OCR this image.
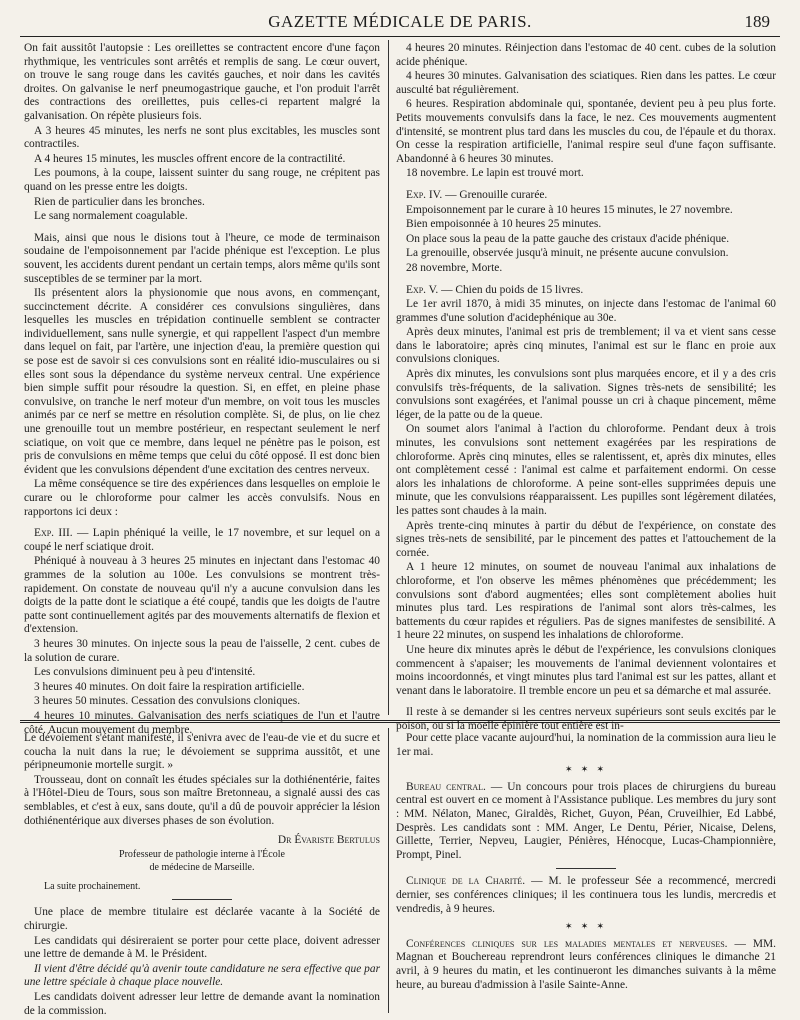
GAZETTE MÉDICALE DE PARIS.	189

On fait aussitôt l'autopsie : Les oreillettes se contractent encore d'une façon rhythmique, les ventricules sont arrêtés et remplis de sang. Le cœur ouvert, on trouve le sang rouge dans les cavités gauches, et noir dans les cavités droites. On galvanise le nerf pneumogastrique gauche, et l'on produit l'arrêt des contractions des oreillettes, puis celles-ci repartent malgré la galvanisation. On répète plusieurs fois.

A 3 heures 45 minutes, les nerfs ne sont plus excitables, les muscles sont contractiles.

A 4 heures 15 minutes, les muscles offrent encore de la contractilité.

Les poumons, à la coupe, laissent suinter du sang rouge, ne crépitent pas quand on les presse entre les doigts.

Rien de particulier dans les bronches.

Le sang normalement coagulable.

Mais, ainsi que nous le disions tout à l'heure, ce mode de terminaison soudaine de l'empoisonnement par l'acide phénique est l'exception. Le plus souvent, les accidents durent pendant un certain temps, alors même qu'ils sont susceptibles de se terminer par la mort.

Ils présentent alors la physionomie que nous avons, en commençant, succinctement décrite. A considérer ces convulsions singulières, dans lesquelles les muscles en trépidation continuelle semblent se contracter individuellement, sans nulle synergie, et qui rappellent l'aspect d'un membre dans lequel on fait, par l'artère, une injection d'eau, la première question qui se pose est de savoir si ces convulsions sont en réalité idio-musculaires ou si elles sont sous la dépendance du système nerveux central. Une expérience bien simple suffit pour résoudre la question. Si, en effet, en pleine phase convulsive, on tranche le nerf moteur d'un membre, on voit tous les muscles animés par ce nerf se mettre en résolution complète. Si, de plus, on lie chez une grenouille tout un membre postérieur, en respectant seulement le nerf sciatique, on voit que ce membre, dans lequel ne pénètre pas le poison, est pris de convulsions en même temps que celui du côté opposé. Il est donc bien évident que les convulsions dépendent d'une excitation des centres nerveux.

La même conséquence se tire des expériences dans lesquelles on emploie le curare ou le chloroforme pour calmer les accès convulsifs. Nous en rapportons ici deux :

Exp. III. — Lapin phéniqué la veille, le 17 novembre, et sur lequel on a coupé le nerf sciatique droit.

Phéniqué à nouveau à 3 heures 25 minutes en injectant dans l'estomac 40 grammes de la solution au 100e. Les convulsions se montrent très-rapidement. On constate de nouveau qu'il n'y a aucune convulsion dans les doigts de la patte dont le sciatique a été coupé, tandis que les doigts de l'autre patte sont continuellement agités par des mouvements alternatifs de flexion et d'extension.

3 heures 30 minutes. On injecte sous la peau de l'aisselle, 2 cent. cubes de la solution de curare.

Les convulsions diminuent peu à peu d'intensité.

3 heures 40 minutes. On doit faire la respiration artificielle.

3 heures 50 minutes. Cessation des convulsions cloniques.

4 heures 10 minutes. Galvanisation des nerfs sciatiques de l'un et l'autre côté. Aucun mouvement du membre.

4 heures 20 minutes. Réinjection dans l'estomac de 40 cent. cubes de la solution acide phénique.

4 heures 30 minutes. Galvanisation des sciatiques. Rien dans les pattes. Le cœur ausculté bat régulièrement.

6 heures. Respiration abdominale qui, spontanée, devient peu à peu plus forte. Petits mouvements convulsifs dans la face, le nez. Ces mouvements augmentent d'intensité, se montrent plus tard dans les muscles du cou, de l'épaule et du thorax. On cesse la respiration artificielle, l'animal respire seul d'une façon suffisante. Abandonné à 6 heures 30 minutes.

18 novembre. Le lapin est trouvé mort.

Exp. IV. — Grenouille curarée.

Empoisonnement par le curare à 10 heures 15 minutes, le 27 novembre.

Bien empoisonnée à 10 heures 25 minutes.

On place sous la peau de la patte gauche des cristaux d'acide phénique.

La grenouille, observée jusqu'à minuit, ne présente aucune convulsion.

28 novembre, Morte.

Exp. V. — Chien du poids de 15 livres.

Le 1er avril 1870, à midi 35 minutes, on injecte dans l'estomac de l'animal 60 grammes d'une solution d'acidephénique au 30e.

Après deux minutes, l'animal est pris de tremblement; il va et vient sans cesse dans le laboratoire; après cinq minutes, l'animal est sur le flanc en proie aux convulsions cloniques.

Après dix minutes, les convulsions sont plus marquées encore, et il y a des cris convulsifs très-fréquents, de la salivation. Signes très-nets de sensibilité; les convulsions sont exagérées, et l'animal pousse un cri à chaque pincement, même léger, de la patte ou de la queue.

On soumet alors l'animal à l'action du chloroforme. Pendant deux à trois minutes, les convulsions sont nettement exagérées par les respirations de chloroforme. Après cinq minutes, elles se ralentissent, et, après dix minutes, elles ont complètement cessé : l'animal est calme et parfaitement endormi. On cesse alors les inhalations de chloroforme. A peine sont-elles supprimées depuis une minute, que les convulsions réapparaissent. Les pupilles sont légèrement dilatées, les pattes sont chaudes à la main.

Après trente-cinq minutes à partir du début de l'expérience, on constate des signes très-nets de sensibilité, par le pincement des pattes et l'attouchement de la cornée.

A 1 heure 12 minutes, on soumet de nouveau l'animal aux inhalations de chloroforme, et l'on observe les mêmes phénomènes que précédemment; les convulsions sont d'abord augmentées; elles sont complètement abolies huit minutes plus tard. Les respirations de l'animal sont alors très-calmes, les battements du cœur rapides et réguliers. Pas de signes manifestes de sensibilité. A 1 heure 22 minutes, on suspend les inhalations de chloroforme.

Une heure dix minutes après le début de l'expérience, les convulsions cloniques commencent à s'apaiser; les mouvements de l'animal deviennent volontaires et moins incoordonnés, et vingt minutes plus tard l'animal est sur les pattes, allant et venant dans le laboratoire. Il tremble encore un peu et sa démarche et mal assurée.

Il reste à se demander si les centres nerveux supérieurs sont seuls excités par le poison, ou si la moelle épinière tout entière est in-

Le dévoiement s'étant manifesté, il s'enivra avec de l'eau-de vie et du sucre et coucha la nuit dans la rue; le dévoiement se supprima aussitôt, et une péripneumonie mortelle surgit. »

Trousseau, dont on connaît les études spéciales sur la dothiénentérie, faites à l'Hôtel-Dieu de Tours, sous son maître Bretonneau, a signalé aussi des cas semblables, et c'est à eux, sans doute, qu'il a dû de pouvoir apprécier la lésion dothiénentérique aux diverses phases de son évolution.

Dr Évariste Bertulus
Professeur de pathologie interne à l'École
de médecine de Marseille.
La suite prochainement.

Une place de membre titulaire est déclarée vacante à la Société de chirurgie.

Les candidats qui désireraient se porter pour cette place, doivent adresser une lettre de demande à M. le Président.

Il vient d'être décidé qu'à avenir toute candidature ne sera effective que par une lettre spéciale à chaque place nouvelle.

Les candidats doivent adresser leur lettre de demande avant la nomination de la commission.

Pour cette place vacante aujourd'hui, la nomination de la commission aura lieu le 1er mai.

✶ ✶ ✶

Bureau central. — Un concours pour trois places de chirurgiens du bureau central est ouvert en ce moment à l'Assistance publique. Les membres du jury sont : MM. Nélaton, Manec, Giraldès, Richet, Guyon, Péan, Cruveilhier, Ed Labbé, Desprès. Les candidats sont : MM. Anger, Le Dentu, Périer, Nicaise, Delens, Gillette, Terrier, Nepveu, Laugier, Pénières, Hénocque, Lucas-Championnière, Prompt, Pinel.

Clinique de la Charité. — M. le professeur Sée a recommencé, mercredi dernier, ses conférences cliniques; il les continuera tous les lundis, mercredis et vendredis, à 9 heures.

✶ ✶ ✶

Conférences cliniques sur les maladies mentales et nerveuses. — MM. Magnan et Bouchereau reprendront leurs conférences cliniques le dimanche 21 avril, à 9 heures du matin, et les continueront les dimanches suivants à la même heure, au bureau d'admission à l'asile Sainte-Anne.
